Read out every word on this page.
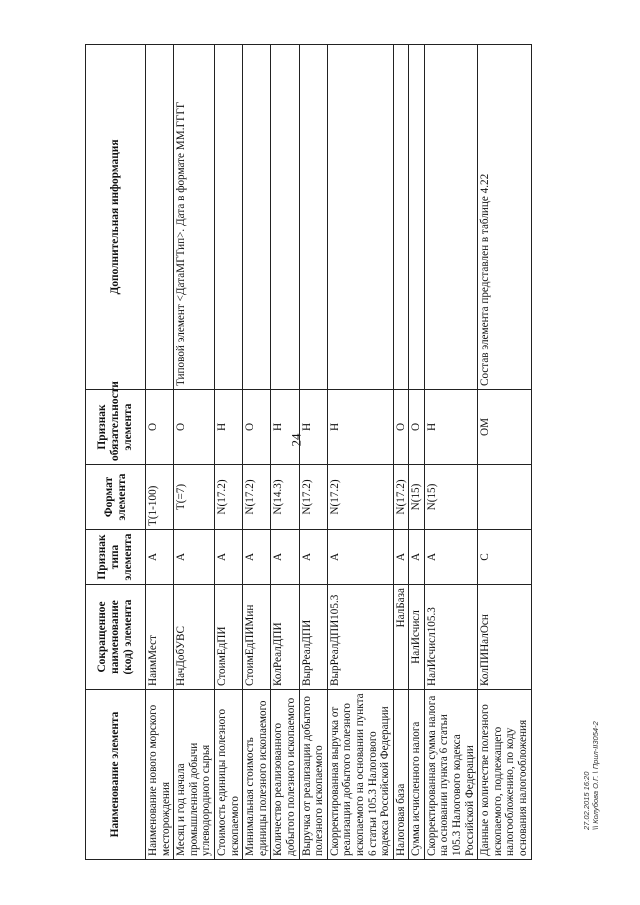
24
Наименование элемента	Сокращенное наименование (код) элемента	Признак типа элемента	Формат элемента	Признак обязательности элемента	Дополнительная информация
Наименование нового морского месторождения	НаимМест	А	T(1-100)	О	
Месяц и год начала промышленной добычи углеводородного сырья	НачДобУВС	А	T(=7)	О	Типовой элемент <ДатаМГТип>. Дата в формате ММ.ГГГГ
Стоимость единицы полезного ископаемого	СтоимЕдПИ	А	N(17.2)	Н	
Минимальная стоимость единицы полезного ископаемого	СтоимЕдПИМин	А	N(17.2)	О	
Количество реализованного добытого полезного ископаемого	КолРеалДПИ	А	N(14.3)	Н	
Выручка от реализации добытого полезного ископаемого	ВырРеалДПИ	А	N(17.2)	Н	
Скорректированная выручка от реализации добытого полезного ископаемого на основании пункта 6 статьи 105.3 Налогового кодекса Российской Федерации	ВырРеалДПИ105.3	А	N(17.2)	Н	
Налоговая база	НалБаза	А	N(17.2)	О	
Сумма исчисленного налога	НалИсчисл	А	N(15)	О	
Скорректированная сумма налога на основании пункта 6 статьи 105.3 Налогового кодекса Российской Федерации	НалИсчисл105.3	А	N(15)	Н	
Данные о количестве полезного ископаемого, подлежащего налогообложению, по коду основания налогообложения	КолПИНалОсн	С		ОМ	Состав элемента представлен в таблице 4.22
27.02.2015 16:20 \\ Колубова О.Г. \ Прил-II3054-2
